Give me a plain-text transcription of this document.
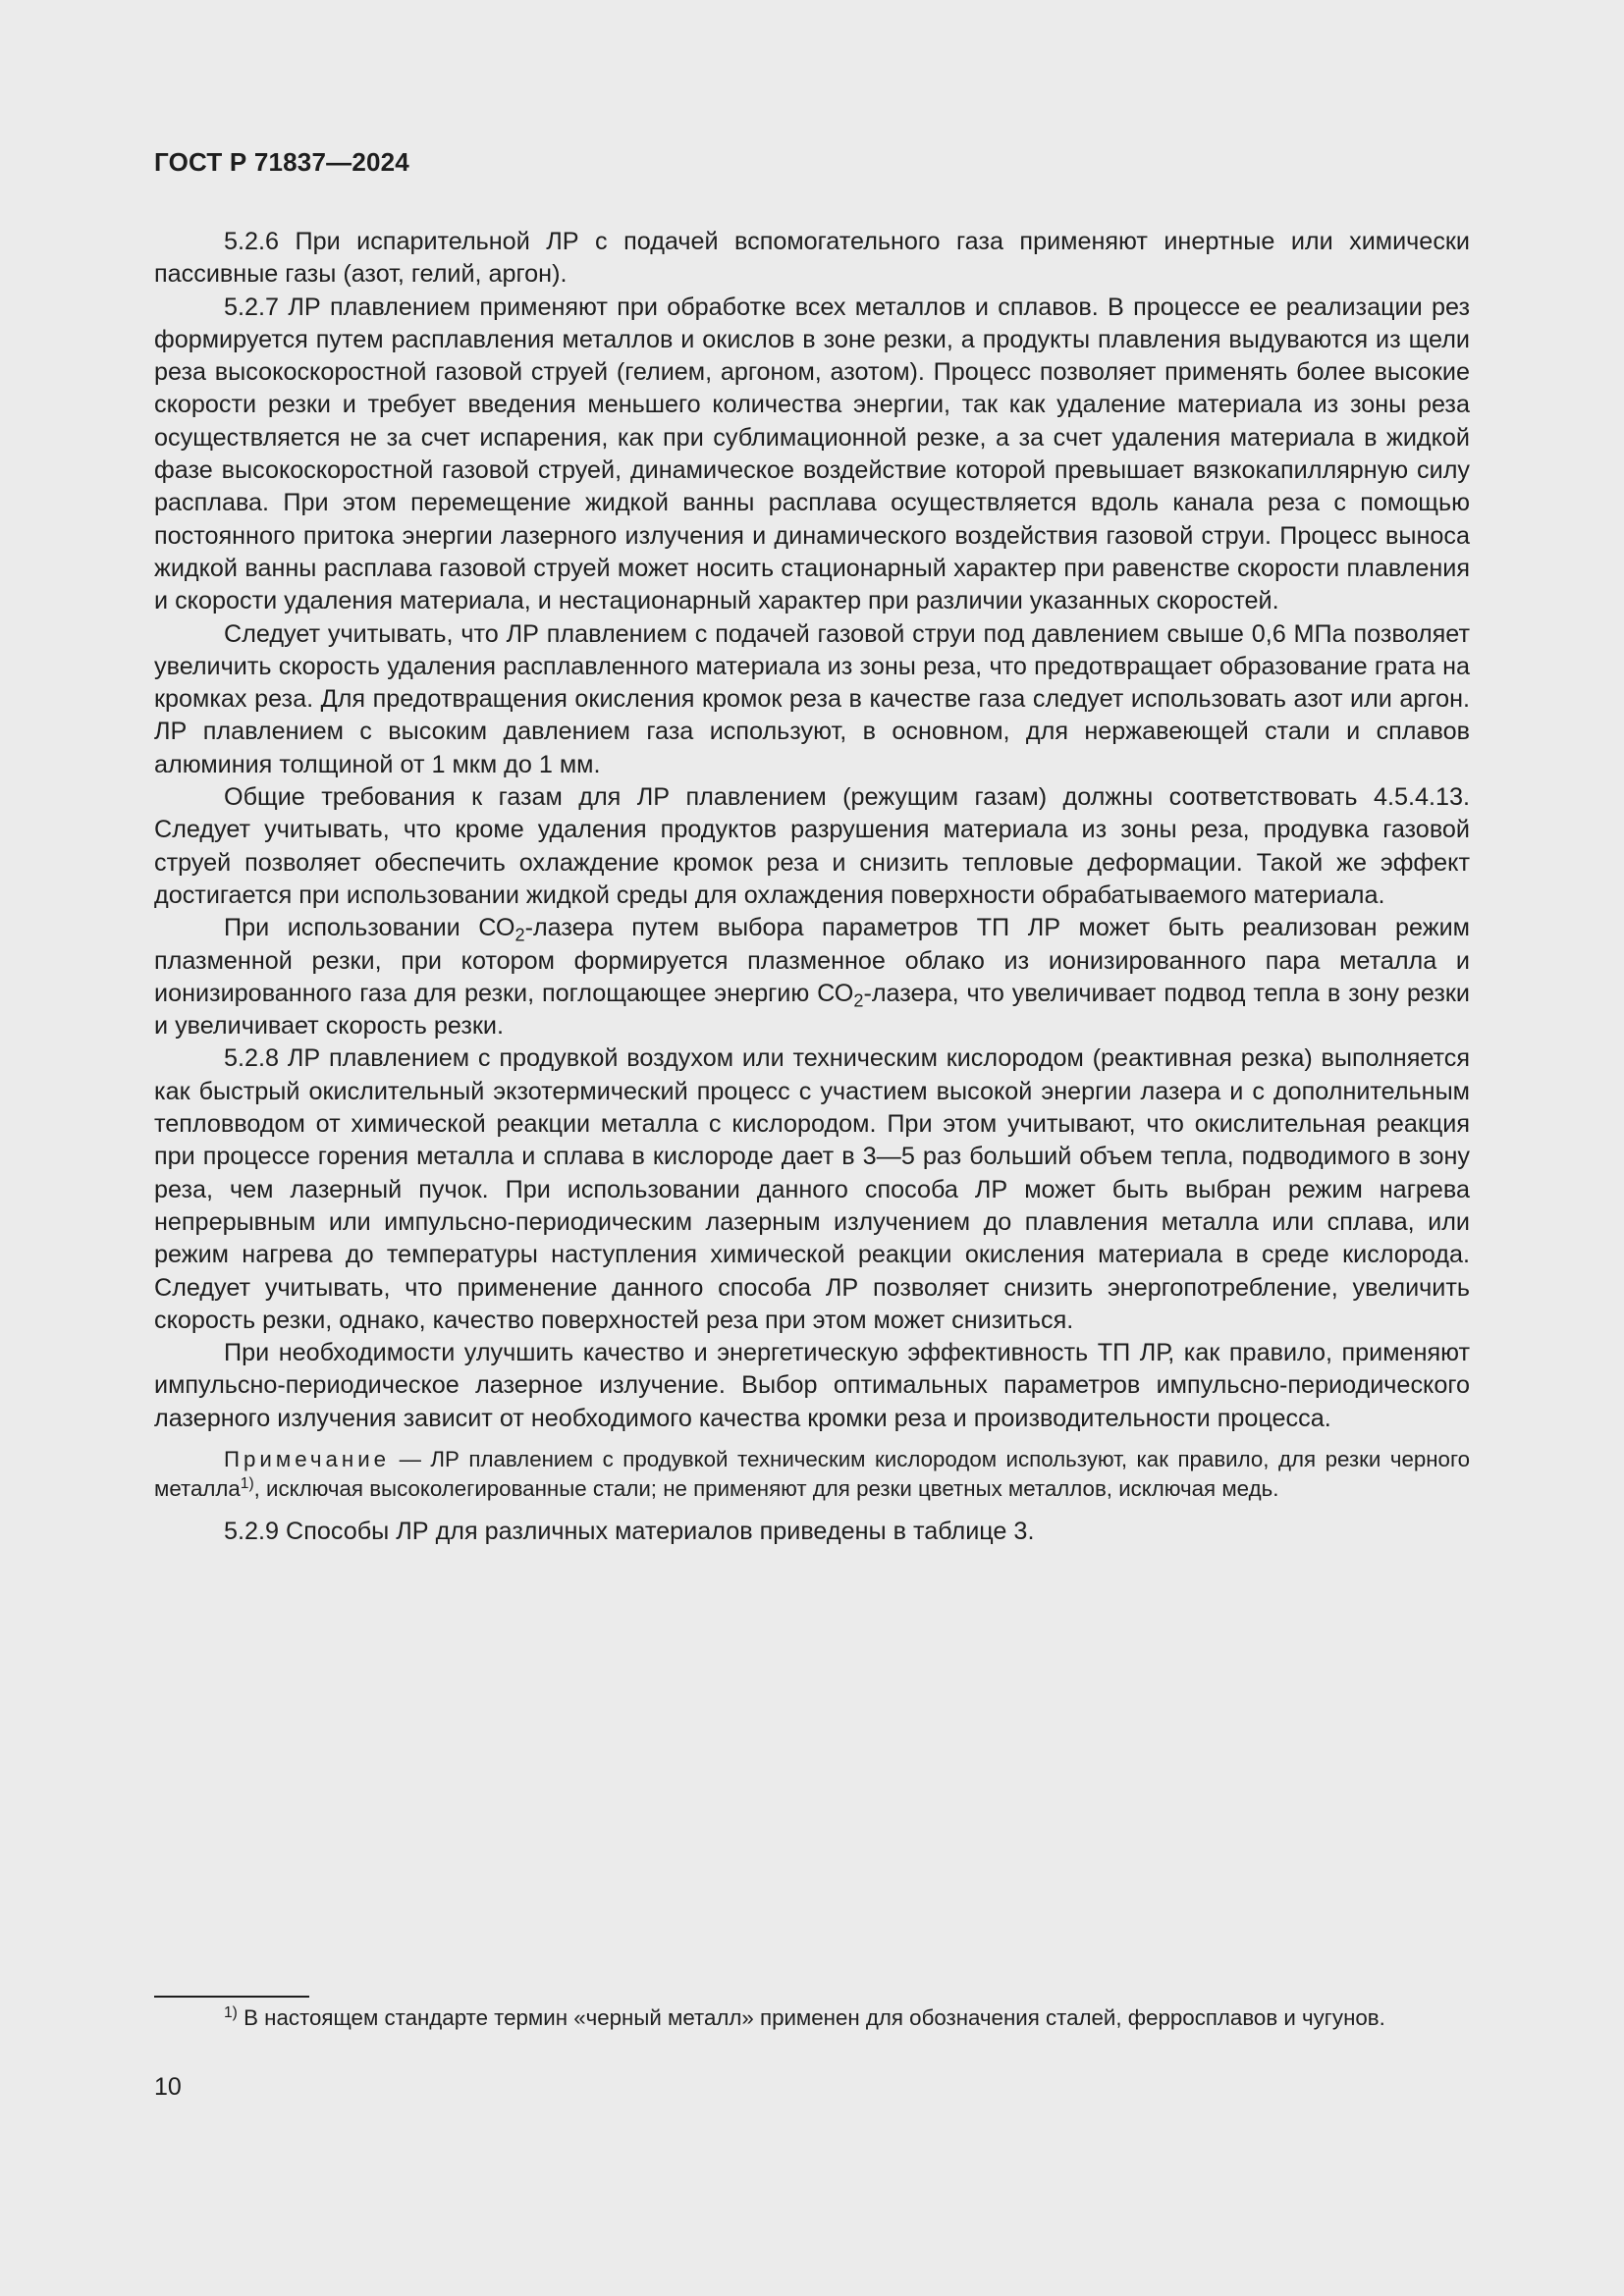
ГОСТ Р 71837—2024

5.2.6 При испарительной ЛР с подачей вспомогательного газа применяют инертные или химически пассивные газы (азот, гелий, аргон).

5.2.7 ЛР плавлением применяют при обработке всех металлов и сплавов. В процессе ее реализации рез формируется путем расплавления металлов и окислов в зоне резки, а продукты плавления выдуваются из щели реза высокоскоростной газовой струей (гелием, аргоном, азотом). Процесс позволяет применять более высокие скорости резки и требует введения меньшего количества энергии, так как удаление материала из зоны реза осуществляется не за счет испарения, как при сублимационной резке, а за счет удаления материала в жидкой фазе высокоскоростной газовой струей, динамическое воздействие которой превышает вязкокапиллярную силу расплава. При этом перемещение жидкой ванны расплава осуществляется вдоль канала реза с помощью постоянного притока энергии лазерного излучения и динамического воздействия газовой струи. Процесс выноса жидкой ванны расплава газовой струей может носить стационарный характер при равенстве скорости плавления и скорости удаления материала, и нестационарный характер при различии указанных скоростей.

Следует учитывать, что ЛР плавлением с подачей газовой струи под давлением свыше 0,6 МПа позволяет увеличить скорость удаления расплавленного материала из зоны реза, что предотвращает образование грата на кромках реза. Для предотвращения окисления кромок реза в качестве газа следует использовать азот или аргон. ЛР плавлением с высоким давлением газа используют, в основном, для нержавеющей стали и сплавов алюминия толщиной от 1 мкм до 1 мм.

Общие требования к газам для ЛР плавлением (режущим газам) должны соответствовать 4.5.4.13. Следует учитывать, что кроме удаления продуктов разрушения материала из зоны реза, продувка газовой струей позволяет обеспечить охлаждение кромок реза и снизить тепловые деформации. Такой же эффект достигается при использовании жидкой среды для охлаждения поверхности обрабатываемого материала.

При использовании $СО_2$-лазера путем выбора параметров ТП ЛР может быть реализован режим плазменной резки, при котором формируется плазменное облако из ионизированного пара металла и ионизированного газа для резки, поглощающее энергию $СО_2$-лазера, что увеличивает подвод тепла в зону резки и увеличивает скорость резки.

5.2.8 ЛР плавлением с продувкой воздухом или техническим кислородом (реактивная резка) выполняется как быстрый окислительный экзотермический процесс с участием высокой энергии лазера и с дополнительным тепловводом от химической реакции металла с кислородом. При этом учитывают, что окислительная реакция при процессе горения металла и сплава в кислороде дает в 3—5 раз больший объем тепла, подводимого в зону реза, чем лазерный пучок. При использовании данного способа ЛР может быть выбран режим нагрева непрерывным или импульсно-периодическим лазерным излучением до плавления металла или сплава, или режим нагрева до температуры наступления химической реакции окисления материала в среде кислорода. Следует учитывать, что применение данного способа ЛР позволяет снизить энергопотребление, увеличить скорость резки, однако, качество поверхностей реза при этом может снизиться.

При необходимости улучшить качество и энергетическую эффективность ТП ЛР, как правило, применяют импульсно-периодическое лазерное излучение. Выбор оптимальных параметров импульсно-периодического лазерного излучения зависит от необходимого качества кромки реза и производительности процесса.

Примечание — ЛР плавлением с продувкой техническим кислородом используют, как правило, для резки черного металла$^{1)}$, исключая высоколегированные стали; не применяют для резки цветных металлов, исключая медь.

5.2.9 Способы ЛР для различных материалов приведены в таблице 3.

$^{1)}$ В настоящем стандарте термин «черный металл» применен для обозначения сталей, ферросплавов и чугунов.

10
